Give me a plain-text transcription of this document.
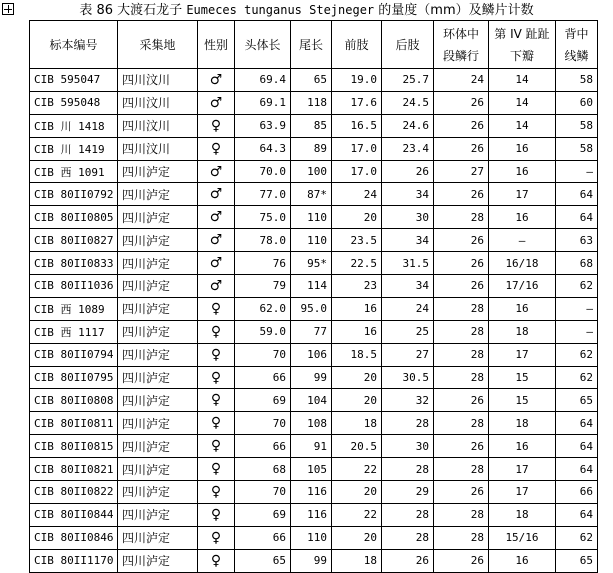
表 86 大渡石龙子 Eumeces tunganus Stejneger 的量度（mm）及鳞片计数
标本编号	采集地	性别	头体长	尾长	前肢	后肢	环体中段鳞行	第 IV 趾趾下瓣	背中线鳞
CIB 595047	四川汶川	♂	69.4	65	19.0	25.7	24	14	58
CIB 595048	四川汶川	♂	69.1	118	17.6	24.5	26	14	60
CIB 川 1418	四川汶川	♀	63.9	85	16.5	24.6	26	14	58
CIB 川 1419	四川汶川	♀	64.3	89	17.0	23.4	26	16	58
CIB 西 1091	四川泸定	♂	70.0	100	17.0	26	27	16	—
CIB 80II0792	四川泸定	♂	77.0	87*	24	34	26	17	64
CIB 80II0805	四川泸定	♂	75.0	110	20	30	28	16	64
CIB 80II0827	四川泸定	♂	78.0	110	23.5	34	26	—	63
CIB 80II0833	四川泸定	♂	76	95*	22.5	31.5	26	16/18	68
CIB 80II1036	四川泸定	♂	79	114	23	34	26	17/16	62
CIB 西 1089	四川泸定	♀	62.0	95.0	16	24	28	16	—
CIB 西 1117	四川泸定	♀	59.0	77	16	25	28	18	—
CIB 80II0794	四川泸定	♀	70	106	18.5	27	28	17	62
CIB 80II0795	四川泸定	♀	66	99	20	30.5	28	15	62
CIB 80II0808	四川泸定	♀	69	104	20	32	26	15	65
CIB 80II0811	四川泸定	♀	70	108	18	28	28	18	64
CIB 80II0815	四川泸定	♀	66	91	20.5	30	26	16	64
CIB 80II0821	四川泸定	♀	68	105	22	28	28	17	64
CIB 80II0822	四川泸定	♀	70	116	20	29	26	17	66
CIB 80II0844	四川泸定	♀	69	116	22	28	28	18	64
CIB 80II0846	四川泸定	♀	66	110	20	28	28	15/16	62
CIB 80II1170	四川泸定	♀	65	99	18	26	26	16	65
